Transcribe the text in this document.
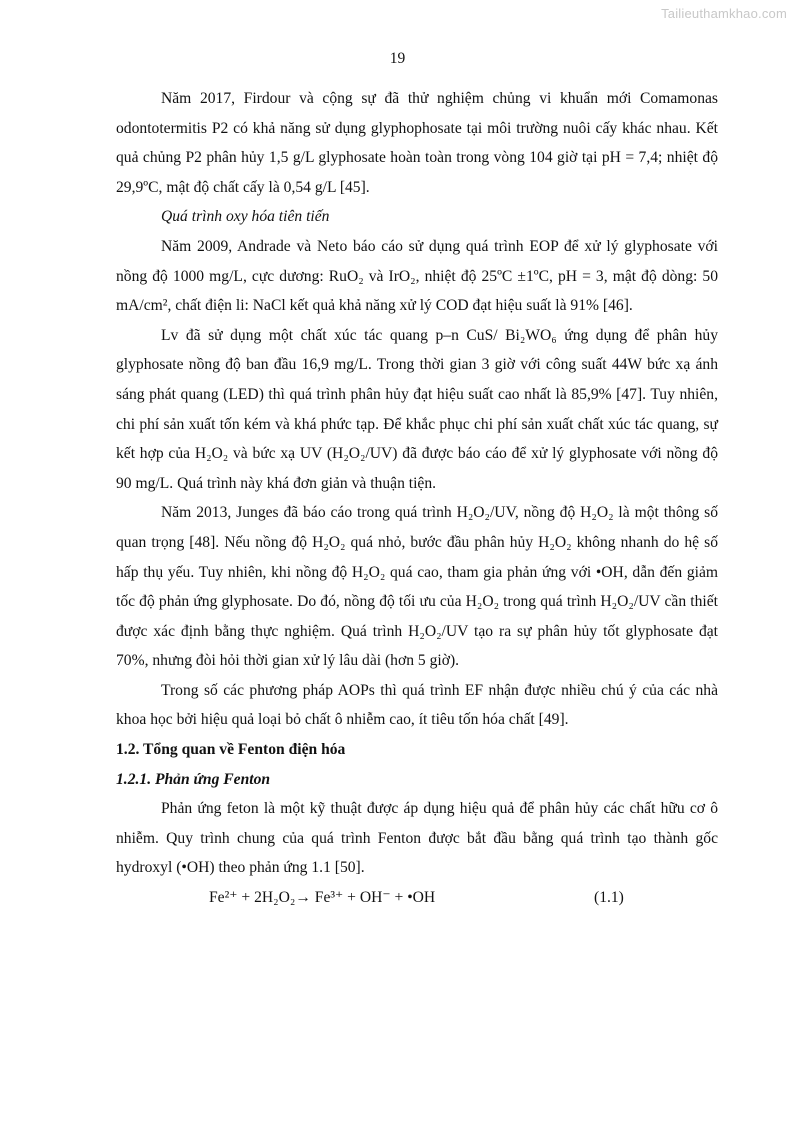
Tailieuthamkhao.com
19

Năm 2017, Firdour và cộng sự đã thử nghiệm chủng vi khuẩn mới Comamonas odontotermitis P2 có khả năng sử dụng glyphophosate tại môi trường nuôi cấy khác nhau. Kết quả chủng P2 phân hủy 1,5 g/L glyphosate hoàn toàn trong vòng 104 giờ tại pH = 7,4; nhiệt độ 29,9ºC, mật độ chất cấy là 0,54 g/L [45].

Quá trình oxy hóa tiên tiến

Năm 2009, Andrade và Neto báo cáo sử dụng quá trình EOP để xử lý glyphosate với nồng độ 1000 mg/L, cực dương: RuO₂ và IrO₂, nhiệt độ 25ºC ±1ºC, pH = 3, mật độ dòng: 50 mA/cm², chất điện li: NaCl kết quả khả năng xử lý COD đạt hiệu suất là 91% [46].

Lv đã sử dụng một chất xúc tác quang p–n CuS/ Bi₂WO₆ ứng dụng để phân hủy glyphosate nồng độ ban đầu 16,9 mg/L. Trong thời gian 3 giờ với công suất 44W bức xạ ánh sáng phát quang (LED) thì quá trình phân hủy đạt hiệu suất cao nhất là 85,9% [47]. Tuy nhiên, chi phí sản xuất tốn kém và khá phức tạp. Để khắc phục chi phí sản xuất chất xúc tác quang, sự kết hợp của H₂O₂ và bức xạ UV (H₂O₂/UV) đã được báo cáo để xử lý glyphosate với nồng độ 90 mg/L. Quá trình này khá đơn giản và thuận tiện.

Năm 2013, Junges đã báo cáo trong quá trình H₂O₂/UV, nồng độ H₂O₂ là một thông số quan trọng [48]. Nếu nồng độ H₂O₂ quá nhỏ, bước đầu phân hủy H₂O₂ không nhanh do hệ số hấp thụ yếu. Tuy nhiên, khi nồng độ H₂O₂ quá cao, tham gia phản ứng với •OH, dẫn đến giảm tốc độ phản ứng glyphosate. Do đó, nồng độ tối ưu của H₂O₂ trong quá trình H₂O₂/UV cần thiết được xác định bằng thực nghiệm. Quá trình H₂O₂/UV tạo ra sự phân hủy tốt glyphosate đạt 70%, nhưng đòi hỏi thời gian xử lý lâu dài (hơn 5 giờ).

Trong số các phương pháp AOPs thì quá trình EF nhận được nhiều chú ý của các nhà khoa học bởi hiệu quả loại bỏ chất ô nhiễm cao, ít tiêu tốn hóa chất [49].

1.2. Tổng quan về Fenton điện hóa

1.2.1. Phản ứng Fenton

Phản ứng feton là một kỹ thuật được áp dụng hiệu quả để phân hủy các chất hữu cơ ô nhiễm. Quy trình chung của quá trình Fenton được bắt đầu bằng quá trình tạo thành gốc hydroxyl (•OH) theo phản ứng 1.1 [50].

Fe²⁺ + 2H₂O₂→ Fe³⁺ + OH⁻ + •OH	(1.1)
